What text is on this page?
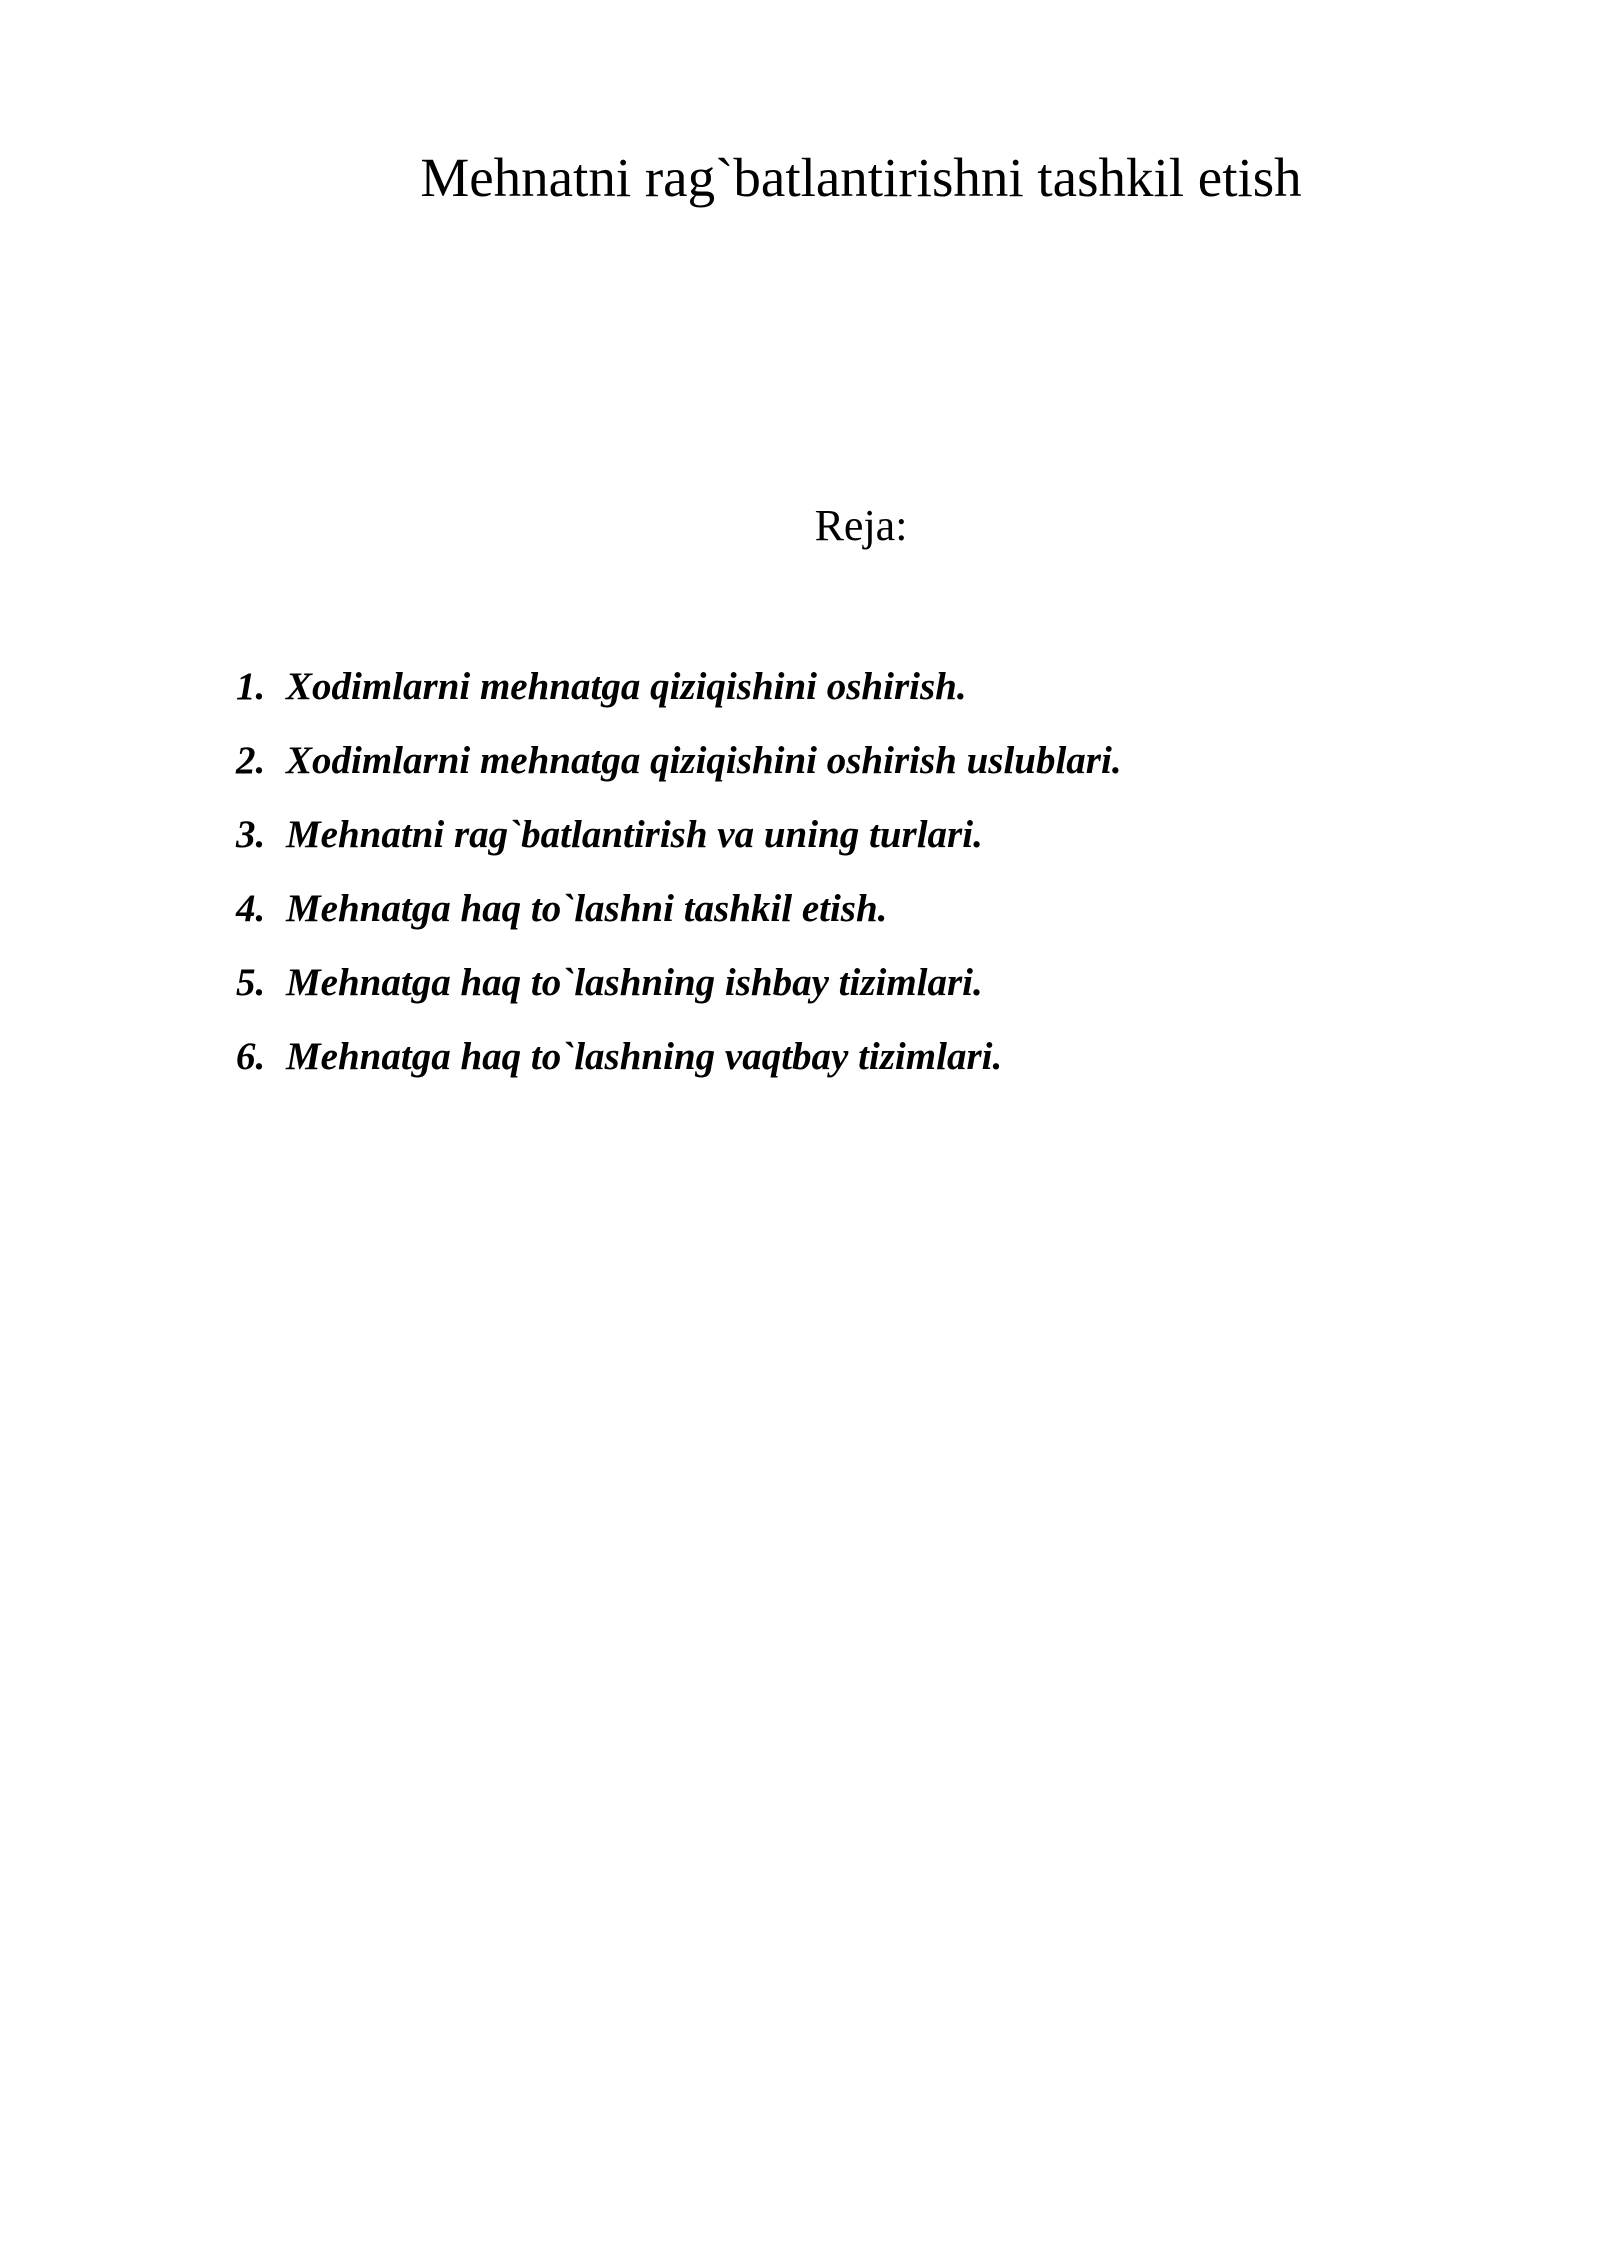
Mehnatni rag`batlantirishni tashkil etish
Reja:
1. Xodimlarni mehnatga qiziqishini oshirish.
2. Xodimlarni mehnatga qiziqishini oshirish uslublari.
3. Mehnatni rag`batlantirish va uning turlari.
4. Mehnatga haq to`lashni tashkil etish.
5. Mehnatga haq to`lashning ishbay tizimlari.
6. Mehnatga haq to`lashning vaqtbay tizimlari.
